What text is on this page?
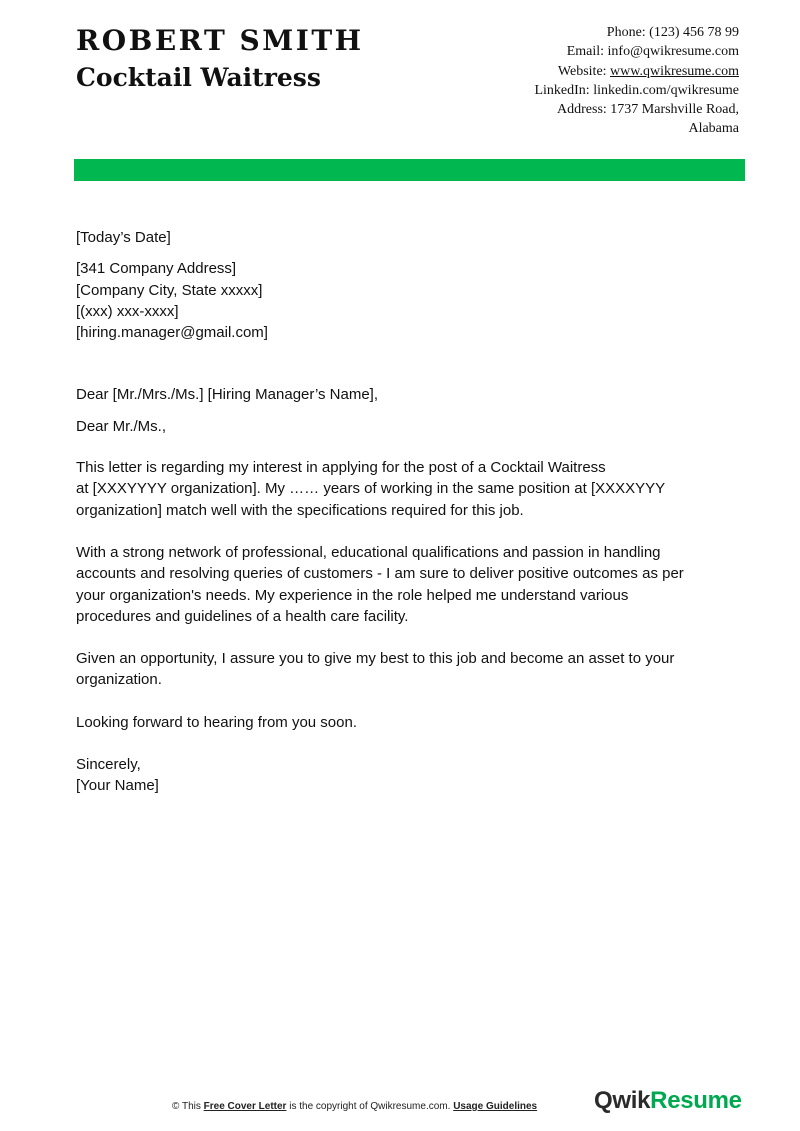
ROBERT SMITH
Cocktail Waitress
Phone: (123) 456 78 99
Email: info@qwikresume.com
Website: www.qwikresume.com
LinkedIn: linkedin.com/qwikresume
Address: 1737 Marshville Road,
Alabama

[Today’s Date]

[341 Company Address]

[Company City, State xxxxx]

[(xxx) xxx-xxxx]

[hiring.manager@gmail.com]

Dear [Mr./Mrs./Ms.] [Hiring Manager’s Name],

Dear Mr./Ms.,

This letter is regarding my interest in applying for the post of a Cocktail Waitress

at [XXXYYYY organization]. My …… years of working in the same position at [XXXXYYY

organization] match well with the specifications required for this job.

With a strong network of professional, educational qualifications and passion in handling

accounts and resolving queries of customers - I am sure to deliver positive outcomes as per

your organization's needs. My experience in the role helped me understand various

procedures and guidelines of a health care facility.

Given an opportunity, I assure you to give my best to this job and become an asset to your

organization.

Looking forward to hearing from you soon.

Sincerely,

[Your Name]

© This Free Cover Letter is the copyright of Qwikresume.com. Usage Guidelines QwikResume
